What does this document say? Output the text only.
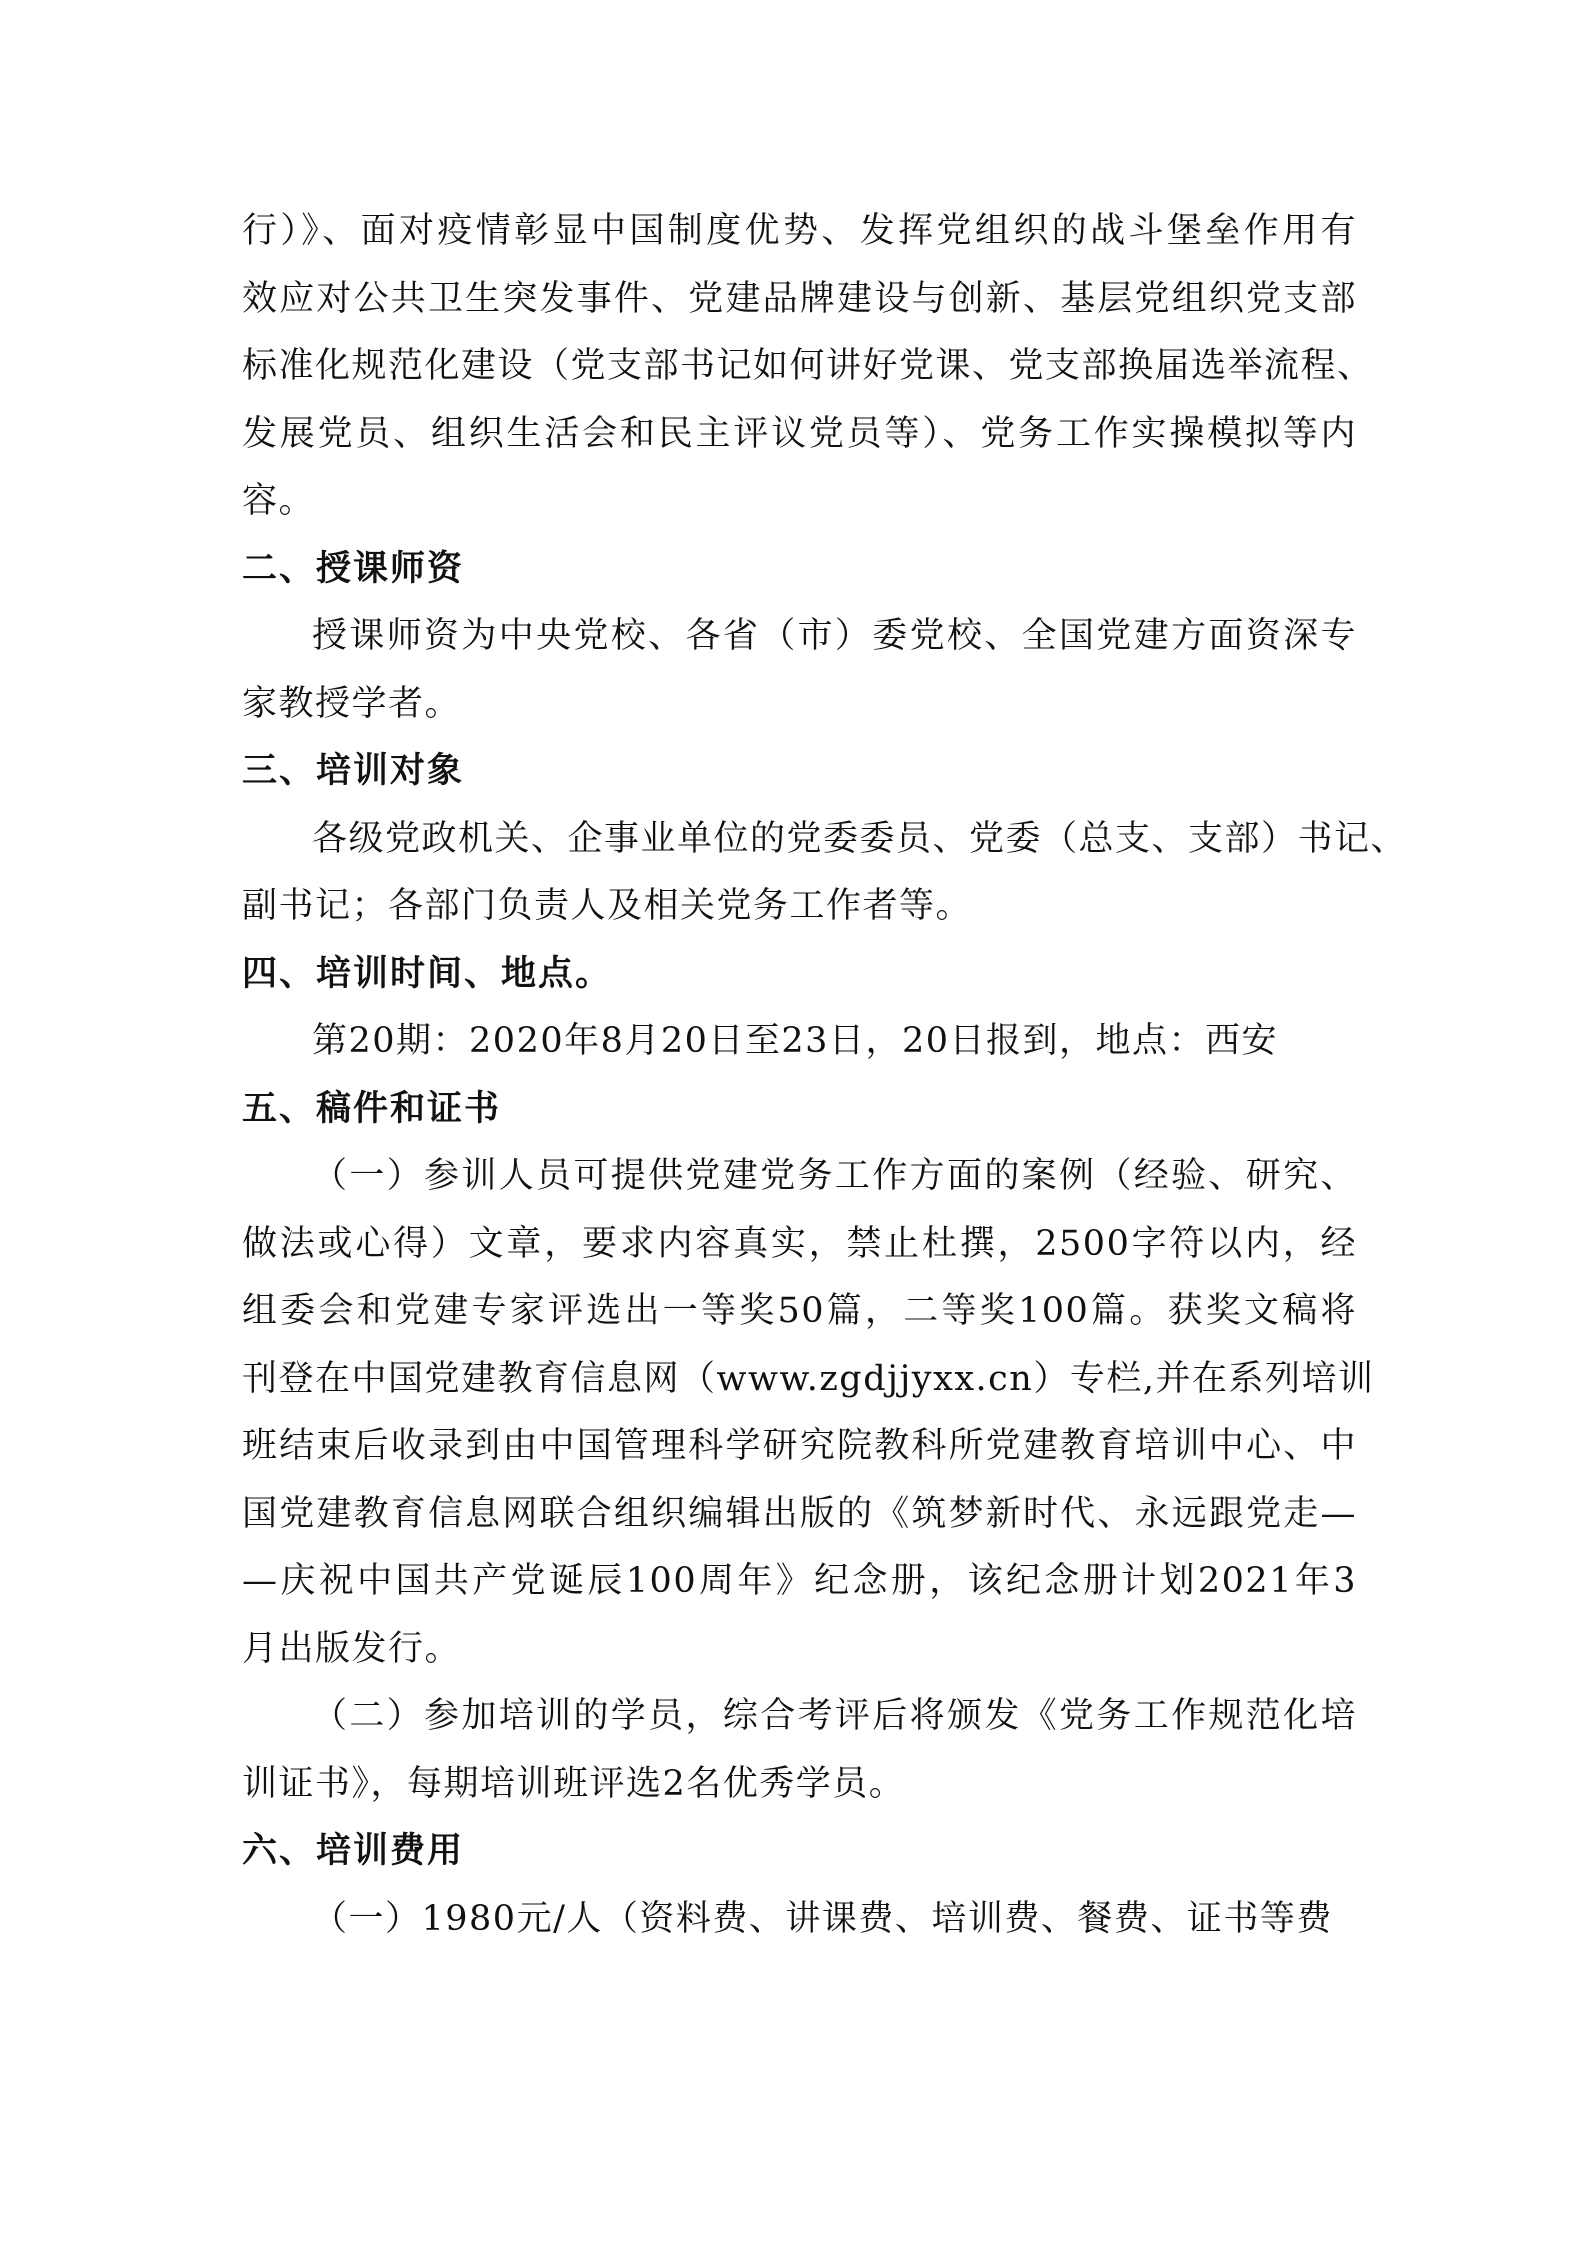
行）》、面对疫情彰显中国制度优势、发挥党组织的战斗堡垒作用有
效应对公共卫生突发事件、党建品牌建设与创新、基层党组织党支部
标准化规范化建设（党支部书记如何讲好党课、党支部换届选举流程、
发展党员、组织生活会和民主评议党员等）、党务工作实操模拟等内
容。
二、授课师资
授课师资为中央党校、各省（市）委党校、全国党建方面资深专
家教授学者。
三、培训对象
各级党政机关、企事业单位的党委委员、党委（总支、支部）书记、
副书记；各部门负责人及相关党务工作者等。
四、培训时间、地点。
第20期：2020年8月20日至23日，20日报到，地点：西安
五、稿件和证书
（一）参训人员可提供党建党务工作方面的案例（经验、研究、
做法或心得）文章，要求内容真实，禁止杜撰，2500字符以内，经
组委会和党建专家评选出一等奖50篇，二等奖100篇。获奖文稿将
刊登在中国党建教育信息网（www.zgdjjyxx.cn）专栏,并在系列培训
班结束后收录到由中国管理科学研究院教科所党建教育培训中心、中
国党建教育信息网联合组织编辑出版的《筑梦新时代、永远跟党走—
—庆祝中国共产党诞辰100周年》纪念册，该纪念册计划2021年3
月出版发行。
（二）参加培训的学员，综合考评后将颁发《党务工作规范化培
训证书》，每期培训班评选2名优秀学员。
六、培训费用
（一）1980元/人（资料费、讲课费、培训费、餐费、证书等费
